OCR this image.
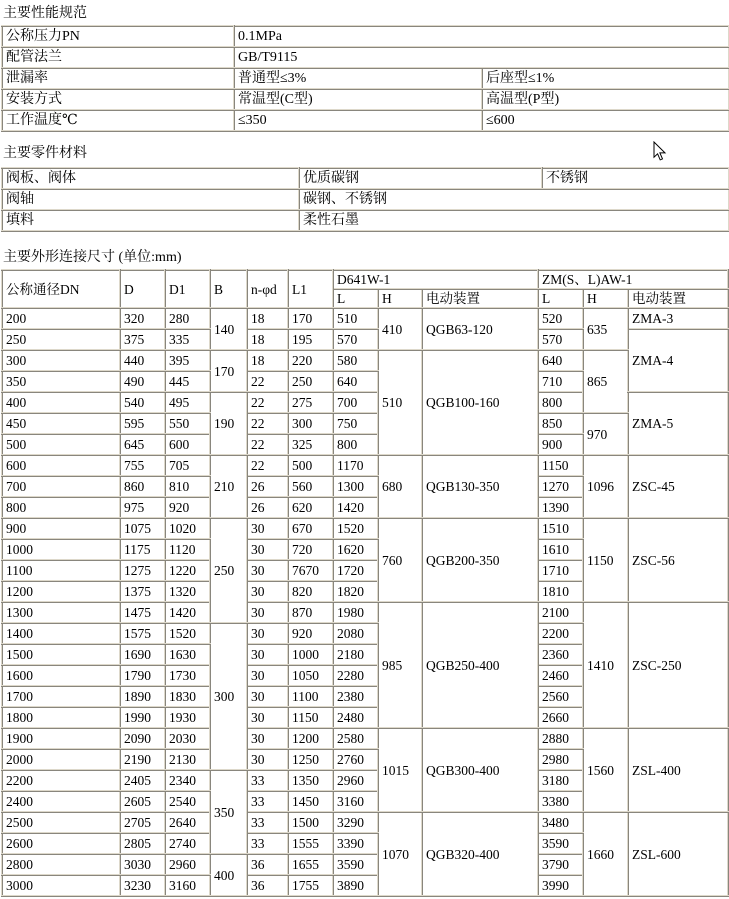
主要性能规范

公称压力PN	0.1MPa	
配管法兰	GB/T9115	
泄漏率	普通型≤3%	后座型≤1%
安装方式	常温型(C型)	高温型(P型)
工作温度℃	≤350	≤600

主要零件材料

阀板、阀体	优质碳钢	不锈钢
阀轴	碳钢、不锈钢	
填料	柔性石墨	

主要外形连接尺寸 (单位:mm)

公称通径DN	D	D1	B	n-φd	L1	D641W-1			ZM(S、L)AW-1		
						L	H	电动装置	L	H	电动装置
200	320	280	140	18	170	510	410	QGB63-120	520	635	ZMA-3
250	375	335		18	195	570			570		ZMA-4
300	440	395	170	18	220	580	510	QGB100-160	640	865	
350	490	445		22	250	640			710		
400	540	495	190	22	275	700			800		ZMA-5
450	595	550		22	300	750			850	970	
500	645	600		22	325	800			900		
600	755	705	210	22	500	1170	680	QGB130-350	1150	1096	ZSC-45
700	860	810		26	560	1300			1270		
800	975	920		26	620	1420			1390		
900	1075	1020	250	30	670	1520	760	QGB200-350	1510	1150	ZSC-56
1000	1175	1120		30	720	1620			1610		
1100	1275	1220		30	7670	1720			1710		
1200	1375	1320		30	820	1820			1810		
1300	1475	1420		30	870	1980	985	QGB250-400	2100	1410	ZSC-250
1400	1575	1520	300	30	920	2080			2200		
1500	1690	1630		30	1000	2180			2360		
1600	1790	1730		30	1050	2280			2460		
1700	1890	1830		30	1100	2380			2560		
1800	1990	1930		30	1150	2480			2660		
1900	2090	2030		30	1200	2580	1015	QGB300-400	2880	1560	ZSL-400
2000	2190	2130		30	1250	2760			2980		
2200	2405	2340	350	33	1350	2960			3180		
2400	2605	2540		33	1450	3160			3380		
2500	2705	2640		33	1500	3290	1070	QGB320-400	3480	1660	ZSL-600
2600	2805	2740		33	1555	3390			3590		
2800	3030	2960	400	36	1655	3590			3790		
3000	3230	3160		36	1755	3890			3990		
